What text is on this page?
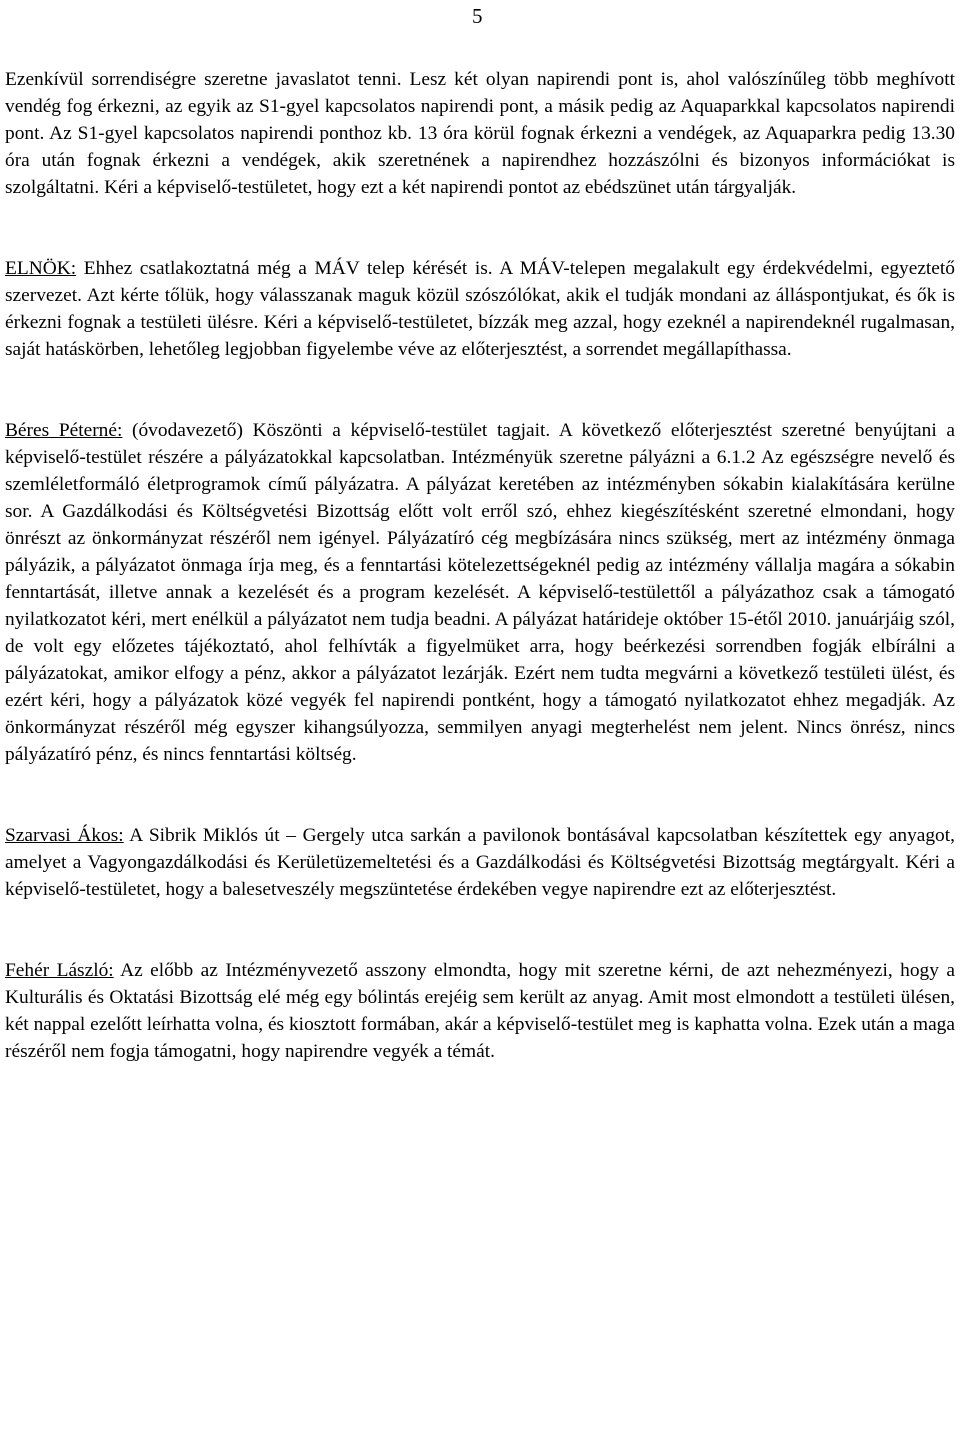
5

Ezenkívül sorrendiségre szeretne javaslatot tenni. Lesz két olyan napirendi pont is, ahol valószínűleg több meghívott vendég fog érkezni, az egyik az S1-gyel kapcsolatos napirendi pont, a másik pedig az Aquaparkkal kapcsolatos napirendi pont. Az S1-gyel kapcsolatos napirendi ponthoz kb. 13 óra körül fognak érkezni a vendégek, az Aquaparkra pedig 13.30 óra után fognak érkezni a vendégek, akik szeretnének a napirendhez hozzászólni és bizonyos információkat is szolgáltatni. Kéri a képviselő-testületet, hogy ezt a két napirendi pontot az ebédszünet után tárgyalják.

ELNÖK: Ehhez csatlakoztatná még a MÁV telep kérését is. A MÁV-telepen megalakult egy érdekvédelmi, egyeztető szervezet. Azt kérte tőlük, hogy válasszanak maguk közül szószólókat, akik el tudják mondani az álláspontjukat, és ők is érkezni fognak a testületi ülésre. Kéri a képviselő-testületet, bízzák meg azzal, hogy ezeknél a napirendeknél rugalmasan, saját hatáskörben, lehetőleg legjobban figyelembe véve az előterjesztést, a sorrendet megállapíthassa.

Béres Péterné: (óvodavezető) Köszönti a képviselő-testület tagjait. A következő előterjesztést szeretné benyújtani a képviselő-testület részére a pályázatokkal kapcsolatban. Intézményük szeretne pályázni a 6.1.2 Az egészségre nevelő és szemléletformáló életprogramok című pályázatra. A pályázat keretében az intézményben sókabin kialakítására kerülne sor. A Gazdálkodási és Költségvetési Bizottság előtt volt erről szó, ehhez kiegészítésként szeretné elmondani, hogy önrészt az önkormányzat részéről nem igényel. Pályázatíró cég megbízására nincs szükség, mert az intézmény önmaga pályázik, a pályázatot önmaga írja meg, és a fenntartási kötelezettségeknél pedig az intézmény vállalja magára a sókabin fenntartását, illetve annak a kezelését és a program kezelését. A képviselő-testülettől a pályázathoz csak a támogató nyilatkozatot kéri, mert enélkül a pályázatot nem tudja beadni. A pályázat határideje október 15-étől 2010. januárjáig szól, de volt egy előzetes tájékoztató, ahol felhívták a figyelmüket arra, hogy beérkezési sorrendben fogják elbírálni a pályázatokat, amikor elfogy a pénz, akkor a pályázatot lezárják. Ezért nem tudta megvárni a következő testületi ülést, és ezért kéri, hogy a pályázatok közé vegyék fel napirendi pontként, hogy a támogató nyilatkozatot ehhez megadják. Az önkormányzat részéről még egyszer kihangsúlyozza, semmilyen anyagi megterhelést nem jelent. Nincs önrész, nincs pályázatíró pénz, és nincs fenntartási költség.

Szarvasi Ákos: A Sibrik Miklós út – Gergely utca sarkán a pavilonok bontásával kapcsolatban készítettek egy anyagot, amelyet a Vagyongazdálkodási és Kerületüzemeltetési és a Gazdálkodási és Költségvetési Bizottság megtárgyalt. Kéri a képviselő-testületet, hogy a balesetveszély megszüntetése érdekében vegye napirendre ezt az előterjesztést.

Fehér László: Az előbb az Intézményvezető asszony elmondta, hogy mit szeretne kérni, de azt nehezményezi, hogy a Kulturális és Oktatási Bizottság elé még egy bólintás erejéig sem került az anyag. Amit most elmondott a testületi ülésen, két nappal ezelőtt leírhatta volna, és kiosztott formában, akár a képviselő-testület meg is kaphatta volna. Ezek után a maga részéről nem fogja támogatni, hogy napirendre vegyék a témát.
